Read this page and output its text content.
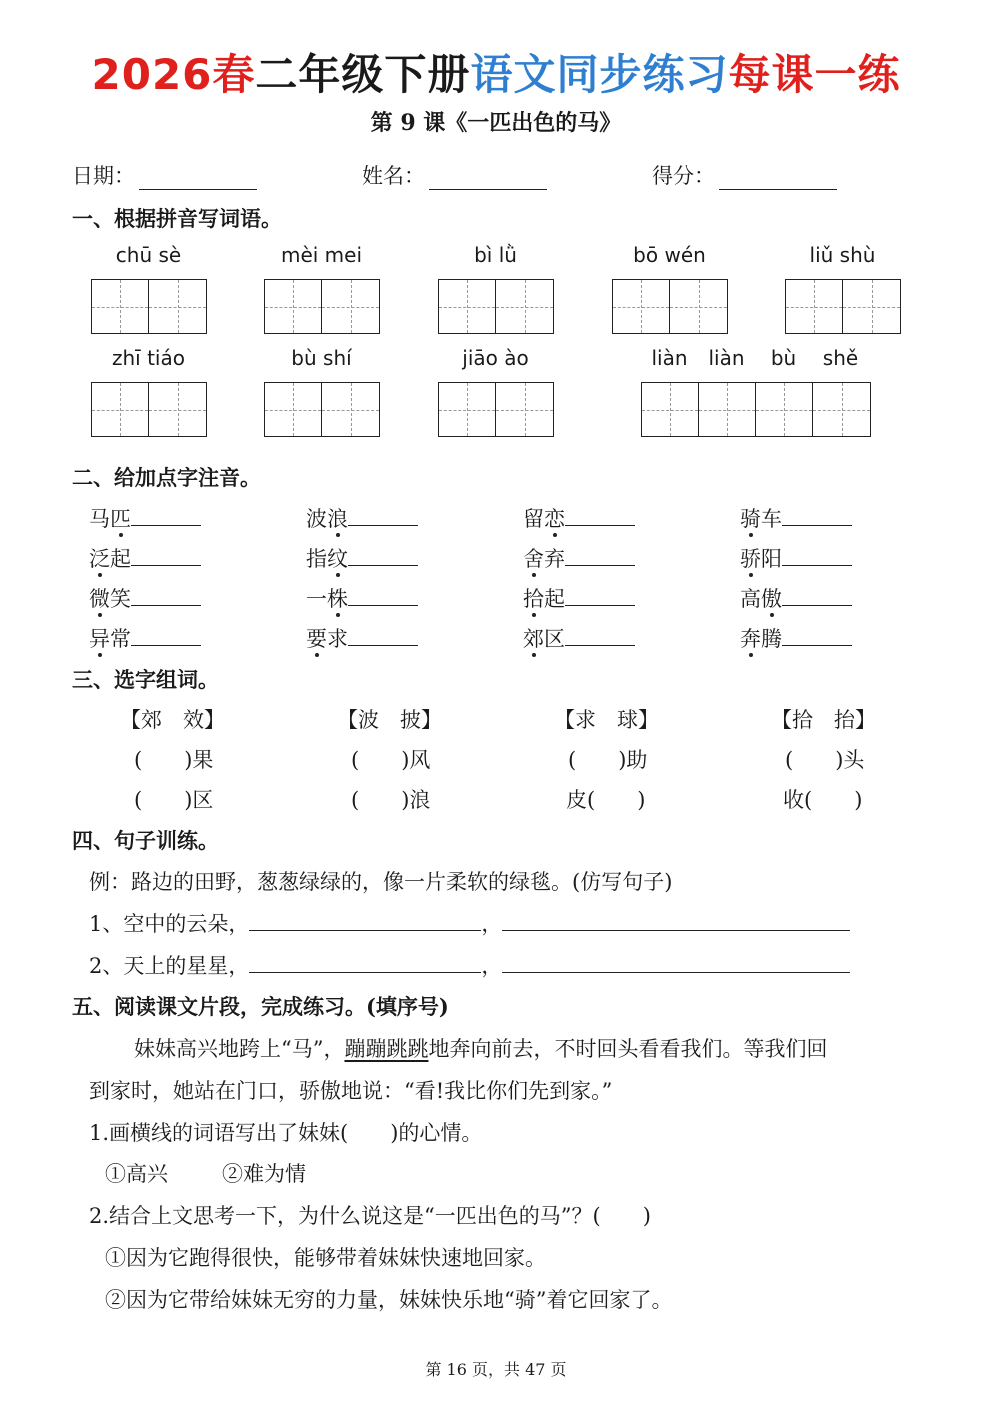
2026春二年级下册语文同步练习每课一练
第 9 课《一匹出色的马》
日期：	姓名：	得分：
一、根据拼音写词语。
chū sè	mèi mei	bì lǜ	bō wén	liǔ shù
zhī tiáo	bù shí	jiāo ào	liàn	liàn	bù	shě
二、给加点字注音。
马匹	波浪	留恋	骑车
泛起	指纹	舍弃	骄阳
微笑	一株	拾起	高傲
异常	要求	郊区	奔腾
三、选字组词。
【郊　效】	【波　披】	【求　球】	【拾　抬】
(　　)果	(　　)风	(　　)助	(　　)头
(　　)区	(　　)浪	皮(　　)	收(　　)
四、句子训练。
例：路边的田野，葱葱绿绿的，像一片柔软的绿毯。(仿写句子)
1、空中的云朵，	，
2、天上的星星，	，
五、阅读课文片段，完成练习。(填序号)
妹妹高兴地跨上“马”，蹦蹦跳跳地奔向前去，不时回头看看我们。等我们回
到家时，她站在门口，骄傲地说：“看!我比你们先到家。”
1.画横线的词语写出了妹妹(　　)的心情。
①高兴	②难为情
2.结合上文思考一下，为什么说这是“一匹出色的马”？(　　)
①因为它跑得很快，能够带着妹妹快速地回家。
②因为它带给妹妹无穷的力量，妹妹快乐地“骑”着它回家了。
第 16 页，共 47 页
